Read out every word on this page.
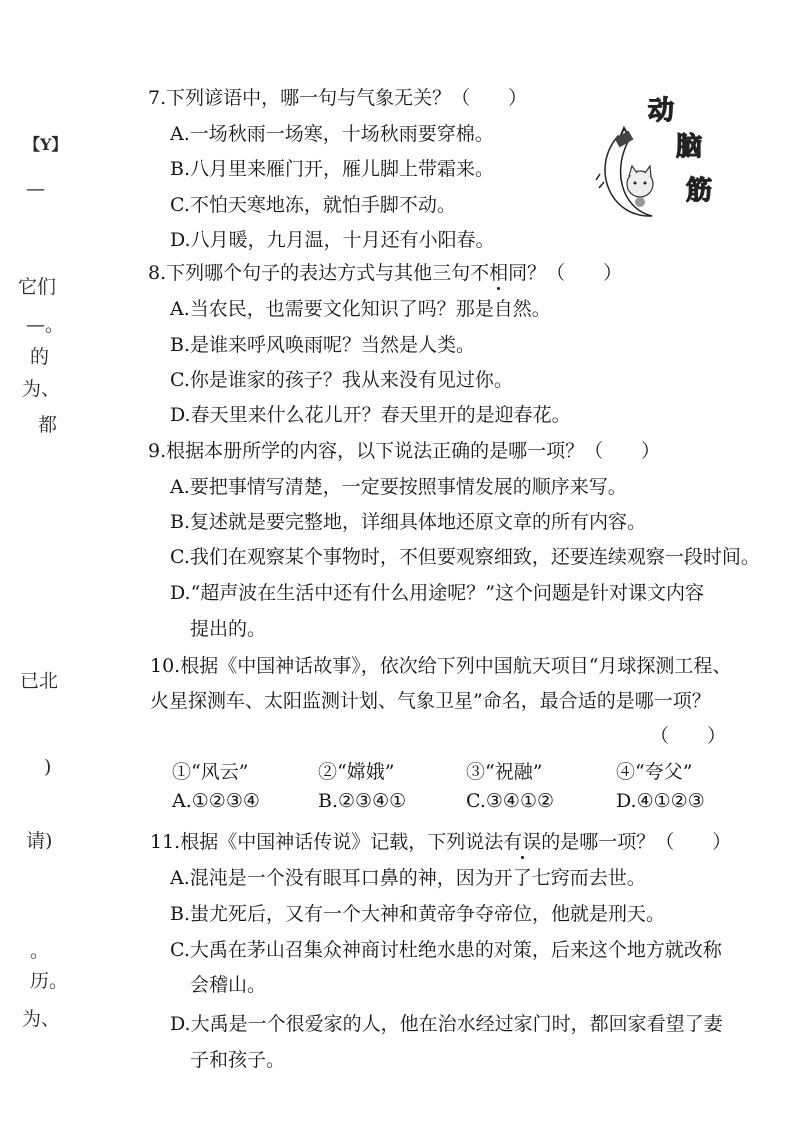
【Y】
—
它们
—。
的
为、
都
已北
)
请)
。
历。
为、
动
脑
筋
7.下列谚语中，哪一句与气象无关？（　　）
A.一场秋雨一场寒，十场秋雨要穿棉。
B.八月里来雁门开，雁儿脚上带霜来。
C.不怕天寒地冻，就怕手脚不动。
D.八月暖，九月温，十月还有小阳春。
8.下列哪个句子的表达方式与其他三句不相同？（　　）
A.当农民，也需要文化知识了吗？那是自然。
B.是谁来呼风唤雨呢？当然是人类。
C.你是谁家的孩子？我从来没有见过你。
D.春天里来什么花儿开？春天里开的是迎春花。
9.根据本册所学的内容，以下说法正确的是哪一项？（　　）
A.要把事情写清楚，一定要按照事情发展的顺序来写。
B.复述就是要完整地，详细具体地还原文章的所有内容。
C.我们在观察某个事物时，不但要观察细致，还要连续观察一段时间。
D.“超声波在生活中还有什么用途呢？”这个问题是针对课文内容
提出的。
10.根据《中国神话故事》，依次给下列中国航天项目“月球探测工程、
火星探测车、太阳监测计划、气象卫星”命名，最合适的是哪一项？
（　　）
①“风云”	②“嫦娥”	③“祝融”	④“夸父”
A.①②③④	B.②③④①	C.③④①②	D.④①②③
11.根据《中国神话传说》记载，下列说法有误的是哪一项？（　　）
A.混沌是一个没有眼耳口鼻的神，因为开了七窍而去世。
B.蚩尤死后，又有一个大神和黄帝争夺帝位，他就是刑天。
C.大禹在茅山召集众神商讨杜绝水患的对策，后来这个地方就改称
会稽山。
D.大禹是一个很爱家的人，他在治水经过家门时，都回家看望了妻
子和孩子。
